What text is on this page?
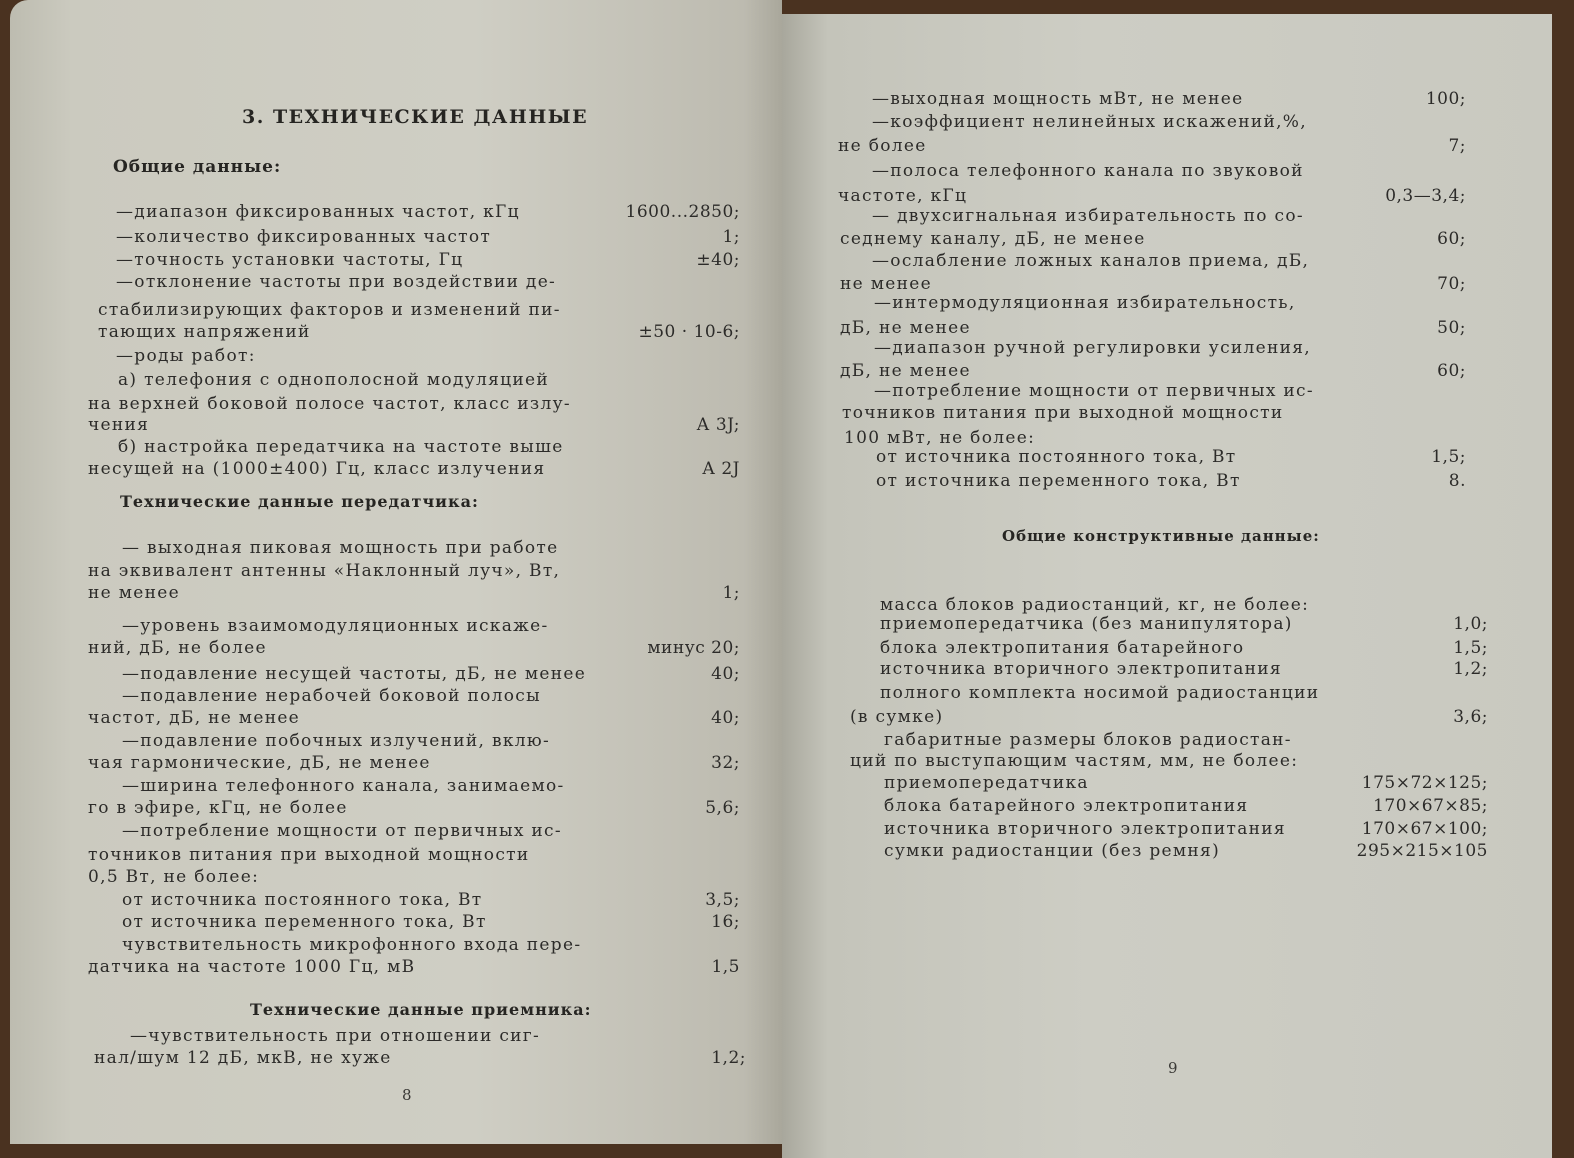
3. ТЕХНИЧЕСКИЕ ДАННЫЕ
Общие данные:
Технические данные передатчика:
Технические данные приемника:
8
—диапазон фиксированных частот, кГц	1600...2850;
—количество фиксированных частот	1;
—точность установки частоты, Гц	±40;
—отклонение частоты при воздействии де-
стабилизирующих факторов и изменений пи-
тающих напряжений	±50 · 10-6;
—роды работ:
а) телефония с однополосной модуляцией
на верхней боковой полосе частот, класс излу-
чения	А 3J;
б) настройка передатчика на частоте выше
несущей на (1000±400) Гц, класс излучения	А 2J
— выходная пиковая мощность при работе
на эквивалент антенны «Наклонный луч», Вт,
не менее	1;
—уровень взаимомодуляционных искаже-
ний, дБ, не более	минус 20;
—подавление несущей частоты, дБ, не менее	40;
—подавление нерабочей боковой полосы
частот, дБ, не менее	40;
—подавление побочных излучений, вклю-
чая гармонические, дБ, не менее	32;
—ширина телефонного канала, занимаемо-
го в эфире, кГц, не более	5,6;
—потребление мощности от первичных ис-
точников питания при выходной мощности
0,5 Вт, не более:
от источника постоянного тока, Вт	3,5;
от источника переменного тока, Вт	16;
чувствительность микрофонного входа пере-
датчика на частоте 1000 Гц, мВ	1,5
—чувствительность при отношении сиг-
нал/шум 12 дБ, мкВ, не хуже	1,2;
Общие конструктивные данные:
9
—выходная мощность мВт, не менее	100;
—коэффициент нелинейных искажений,%,
не более	7;
—полоса телефонного канала по звуковой
частоте, кГц	0,3—3,4;
— двухсигнальная избирательность по со-
седнему каналу, дБ, не менее	60;
—ослабление ложных каналов приема, дБ,
не менее	70;
—интермодуляционная избирательность,
дБ, не менее	50;
—диапазон ручной регулировки усиления,
дБ, не менее	60;
—потребление мощности от первичных ис-
точников питания при выходной мощности
100 мВт, не более:
от источника постоянного тока, Вт	1,5;
от источника переменного тока, Вт	8.
масса блоков радиостанций, кг, не более:
приемопередатчика (без манипулятора)	1,0;
блока электропитания батарейного	1,5;
источника вторичного электропитания	1,2;
полного комплекта носимой радиостанции
(в сумке)	3,6;
габаритные размеры блоков радиостан-
ций по выступающим частям, мм, не более:
приемопередатчика	175×72×125;
блока батарейного электропитания	170×67×85;
источника вторичного электропитания	170×67×100;
сумки радиостанции (без ремня)	295×215×105
